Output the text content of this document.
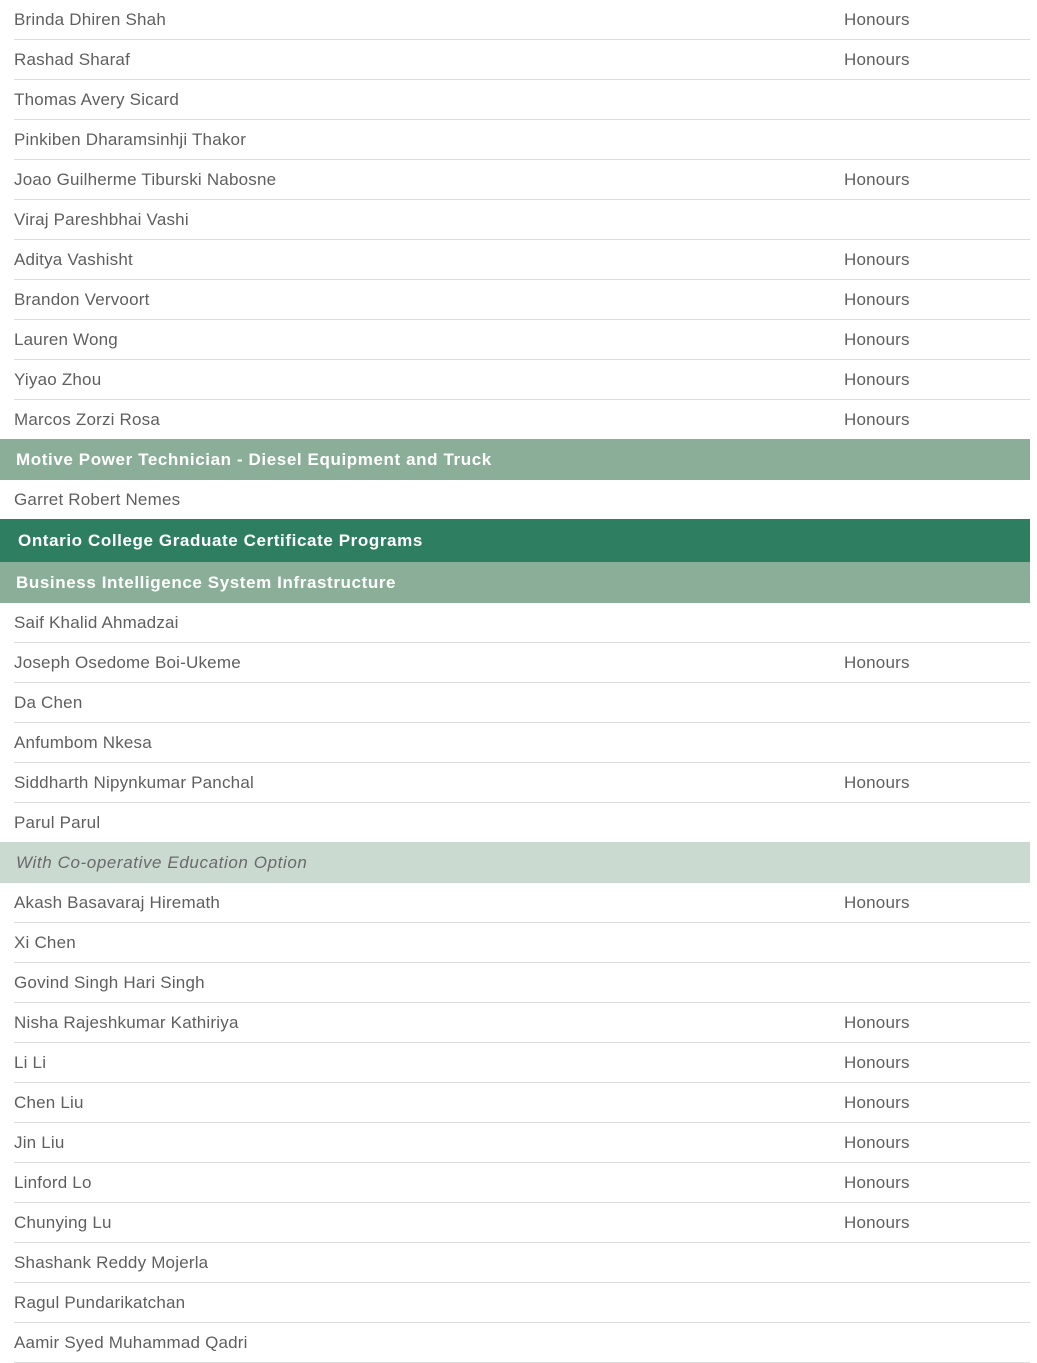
Brinda Dhiren Shah	Honours
Rashad Sharaf	Honours
Thomas Avery Sicard
Pinkiben Dharamsinhji Thakor
Joao Guilherme Tiburski Nabosne	Honours
Viraj Pareshbhai Vashi
Aditya Vashisht	Honours
Brandon Vervoort	Honours
Lauren Wong	Honours
Yiyao Zhou	Honours
Marcos Zorzi Rosa	Honours
Motive Power Technician - Diesel Equipment and Truck
Garret Robert Nemes
Ontario College Graduate Certificate Programs
Business Intelligence System Infrastructure
Saif Khalid Ahmadzai
Joseph Osedome Boi-Ukeme	Honours
Da Chen
Anfumbom Nkesa
Siddharth Nipynkumar Panchal	Honours
Parul Parul
With Co-operative Education Option
Akash Basavaraj Hiremath	Honours
Xi Chen
Govind Singh Hari Singh
Nisha Rajeshkumar Kathiriya	Honours
Li Li	Honours
Chen Liu	Honours
Jin Liu	Honours
Linford Lo	Honours
Chunying Lu	Honours
Shashank Reddy Mojerla
Ragul Pundarikatchan
Aamir Syed Muhammad Qadri
